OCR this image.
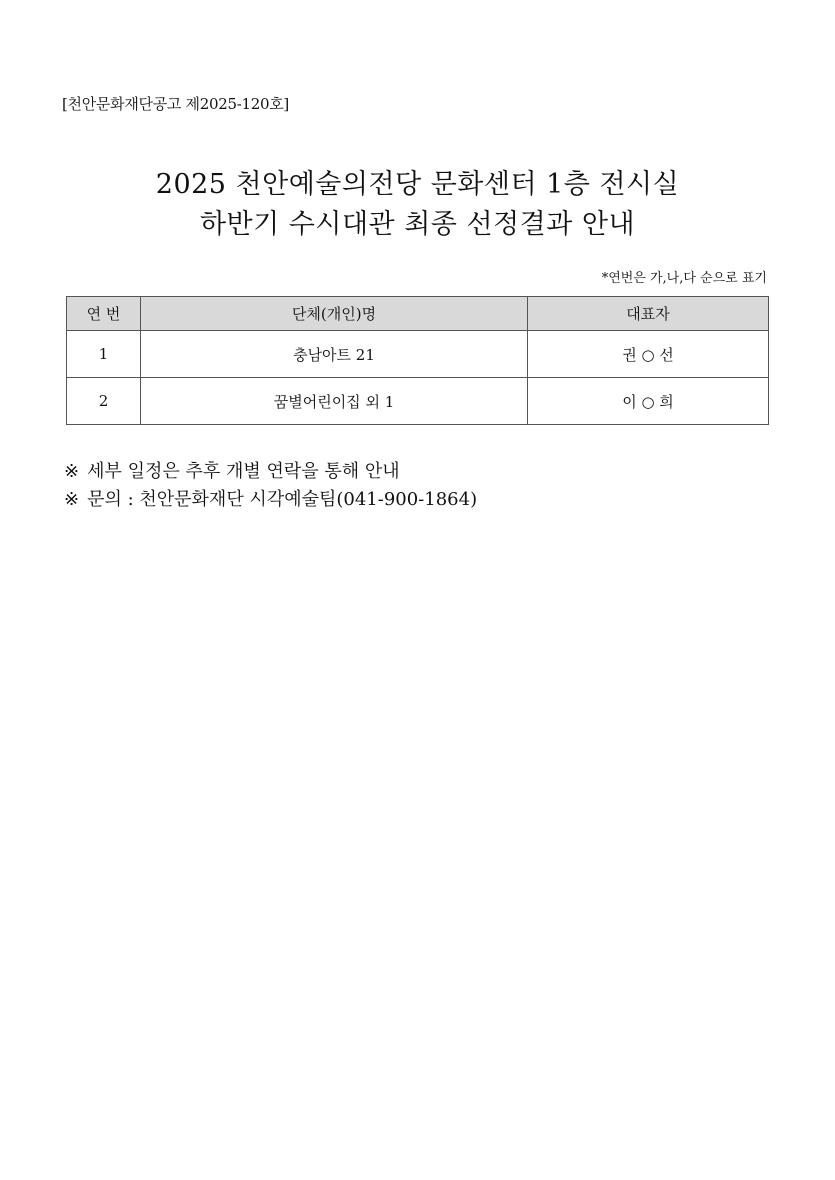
[천안문화재단공고 제2025-120호]
2025 천안예술의전당 문화센터 1층 전시실
하반기 수시대관 최종 선정결과 안내
*연번은 가,나,다 순으로 표기
연 번	단체(개인)명	대표자
1	충남아트 21	권 ○ 선
2	꿈별어린이집 외 1	이 ○ 희
※ 세부 일정은 추후 개별 연락을 통해 안내
※ 문의 : 천안문화재단 시각예술팀(041-900-1864)
